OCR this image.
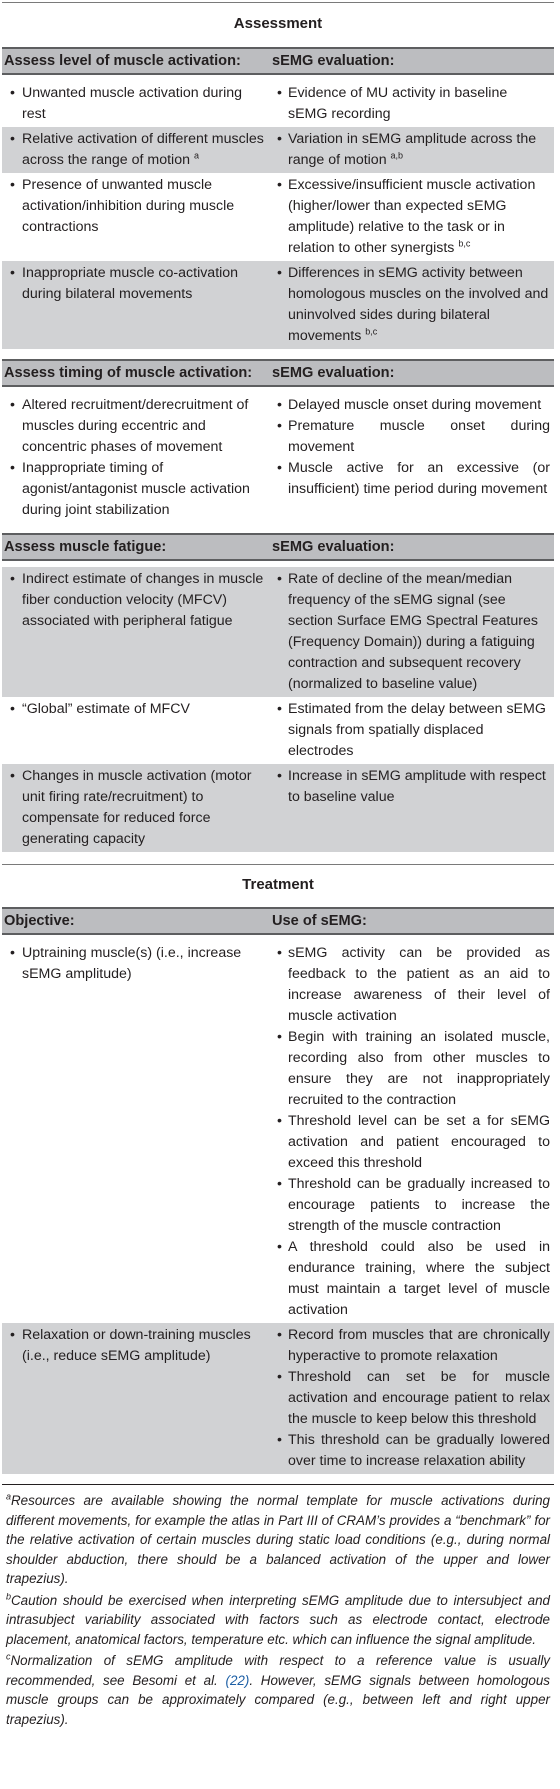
Assessment
Assess level of muscle activation:	sEMG evaluation:
• Unwanted muscle activation during rest
• Evidence of MU activity in baseline sEMG recording
• Relative activation of different muscles across the range of motion $^a$
• Variation in sEMG amplitude across the range of motion $^{a,b}$
• Presence of unwanted muscle activation/inhibition during muscle contractions
• Excessive/insufficient muscle activation (higher/lower than expected sEMG amplitude) relative to the task or in relation to other synergists $^{b,c}$
• Inappropriate muscle co-activation during bilateral movements
• Differences in sEMG activity between homologous muscles on the involved and uninvolved sides during bilateral movements $^{b,c}$
Assess timing of muscle activation:	sEMG evaluation:
• Altered recruitment/derecruitment of muscles during eccentric and concentric phases of movement
• Inappropriate timing of agonist/antagonist muscle activation during joint stabilization
• Delayed muscle onset during movement
• Premature muscle onset during movement
• Muscle active for an excessive (or insufficient) time period during movement
Assess muscle fatigue:	sEMG evaluation:
• Indirect estimate of changes in muscle fiber conduction velocity (MFCV) associated with peripheral fatigue
• Rate of decline of the mean/median frequency of the sEMG signal (see section Surface EMG Spectral Features (Frequency Domain)) during a fatiguing contraction and subsequent recovery (normalized to baseline value)
• “Global” estimate of MFCV
•	Estimated from the delay between sEMG signals from spatially displaced electrodes
• Changes in muscle activation (motor unit firing rate/recruitment) to compensate for reduced force generating capacity
• Increase in sEMG amplitude with respect to baseline value
Treatment
Objective:	Use of sEMG:
• Uptraining muscle(s) (i.e., increase sEMG amplitude)
• sEMG activity can be provided as feedback to the patient as an aid to increase awareness of their level of muscle activation
• Begin with training an isolated muscle, recording also from other muscles to ensure they are not inappropriately recruited to the contraction
• Threshold level can be set a for sEMG activation and patient encouraged to exceed this threshold
• Threshold can be gradually increased to encourage patients to increase the strength of the muscle contraction
• A threshold could also be used in endurance training, where the subject must maintain a target level of muscle activation
• Relaxation or down-training muscles (i.e., reduce sEMG amplitude)
• Record from muscles that are chronically hyperactive to promote relaxation
• Threshold can set be for muscle activation and encourage patient to relax the muscle to keep below this threshold
• This threshold can be gradually lowered over time to increase relaxation ability

$^a$Resources are available showing the normal template for muscle activations during different movements, for example the atlas in Part III of CRAM’s provides a “benchmark” for the relative activation of certain muscles during static load conditions (e.g., during normal shoulder abduction, there should be a balanced activation of the upper and lower trapezius).

$^b$Caution should be exercised when interpreting sEMG amplitude due to intersubject and intrasubject variability associated with factors such as electrode contact, electrode placement, anatomical factors, temperature etc. which can influence the signal amplitude.

$^c$Normalization of sEMG amplitude with respect to a reference value is usually recommended, see Besomi et al. (22). However, sEMG signals between homologous muscle groups can be approximately compared (e.g., between left and right upper trapezius).
